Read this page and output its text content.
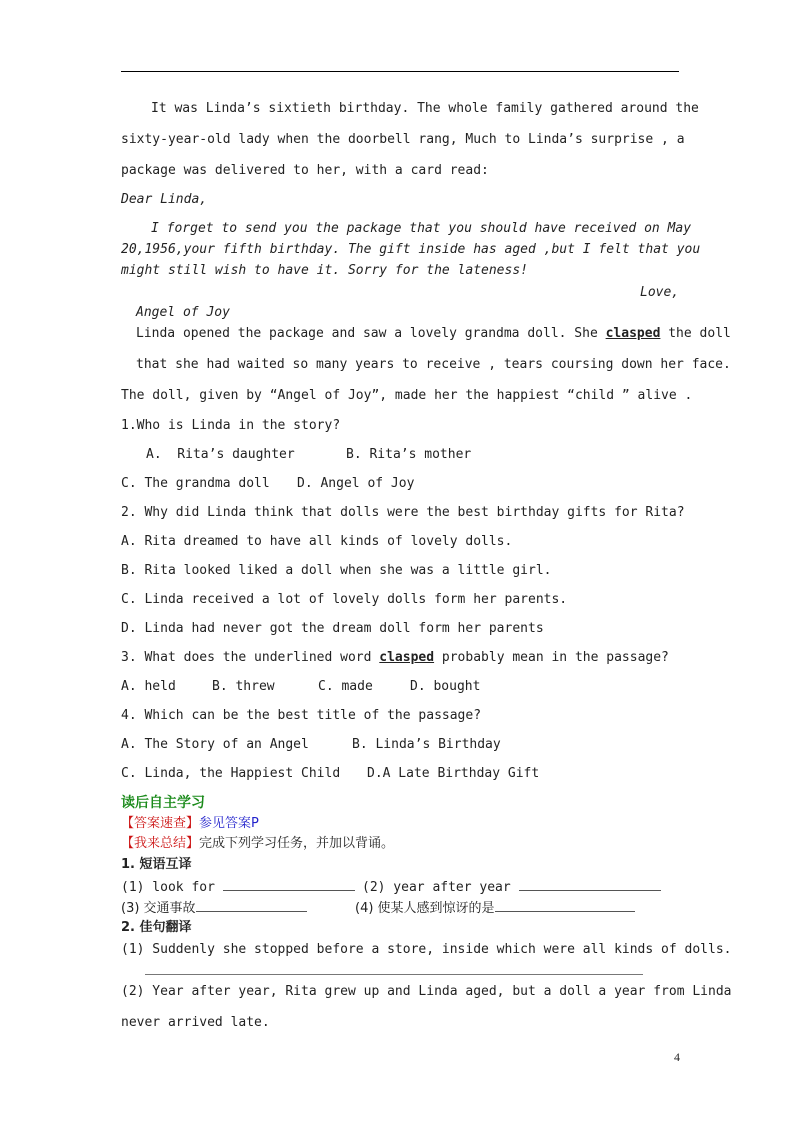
It was Linda’s sixtieth birthday. The whole family gathered around the
sixty-year-old lady when the doorbell rang, Much to Linda’s surprise , a
package was delivered to her, with a card read:
Dear Linda,
I forget to send you the package that you should have received on May
20,1956,your fifth birthday. The gift inside has aged ,but I felt that you
might still wish to have it. Sorry for the lateness!
Love,
Angel of Joy
Linda opened the package and saw a lovely grandma doll. She clasped the doll
that she had waited so many years to receive , tears coursing down her face.
The doll, given by “Angel of Joy”, made her the happiest “child ” alive .
1.Who is Linda in the story?
A.  Rita’s daughter	B. Rita’s mother
C. The grandma doll D. Angel of Joy
2. Why did Linda think that dolls were the best birthday gifts for Rita?
A. Rita dreamed to have all kinds of lovely dolls.
B. Rita looked liked a doll when she was a little girl.
C. Linda received a lot of lovely dolls form her parents.
D. Linda had never got the dream doll form her parents
3. What does the underlined word clasped probably mean in the passage?
A. held	B. threw	C. made	D. bought
4. Which can be the best title of the passage?
A. The Story of an Angel	B. Linda’s Birthday
C. Linda, the Happiest Child D.A Late Birthday Gift
读后自主学习
【答案速查】参见答案P
【我来总结】完成下列学习任务，并加以背诵。
1. 短语互译
(1) look for	(2) year after year
(3) 交通事故	(4) 使某人感到惊讶的是
2. 佳句翻译
(1) Suddenly she stopped before a store, inside which were all kinds of dolls.
(2) Year after year, Rita grew up and Linda aged, but a doll a year from Linda
never arrived late.
4
